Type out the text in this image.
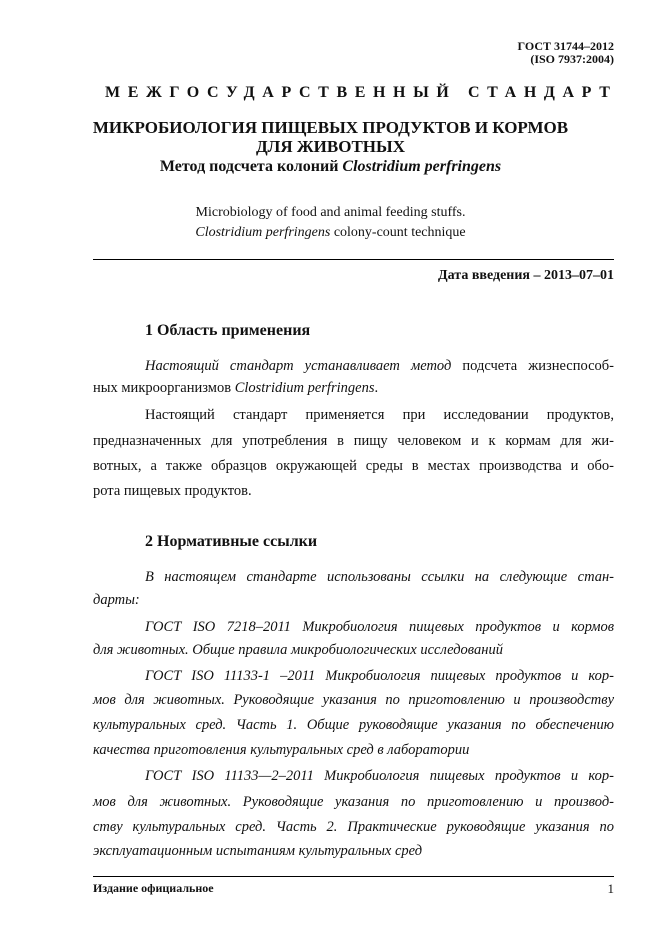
ГОСТ 31744–2012
(ISO 7937:2004)
МЕЖГОСУДАРСТВЕННЫЙ СТАНДАРТ
МИКРОБИОЛОГИЯ ПИЩЕВЫХ ПРОДУКТОВ И КОРМОВ
ДЛЯ ЖИВОТНЫХ
Метод подсчета колоний Clostridium perfringens
Microbiology of food and animal feeding stuffs.
Clostridium perfringens colony-count technique
Дата введения – 2013–07–01
1 Область применения
Настоящий стандарт устанавливает метод подсчета жизнеспособ-
ных микроорганизмов Clostridium perfringens.
Настоящий стандарт применяется при исследовании продуктов,
предназначенных для употребления в пищу человеком и к кормам для жи-
вотных, а также образцов окружающей среды в местах производства и обо-
рота пищевых продуктов.
2 Нормативные ссылки
В настоящем стандарте использованы ссылки на следующие стан-
дарты:
ГОСТ ISO 7218–2011 Микробиология пищевых продуктов и кормов
для животных. Общие правила микробиологических исследований
ГОСТ ISO 11133-1 –2011 Микробиология пищевых продуктов и кор-
мов для животных. Руководящие указания по приготовлению и производству
культуральных сред. Часть 1. Общие руководящие указания по обеспечению
качества приготовления культуральных сред в лаборатории
ГОСТ ISO 11133—2–2011 Микробиология пищевых продуктов и кор-
мов для животных. Руководящие указания по приготовлению и производ-
ству культуральных сред. Часть 2. Практические руководящие указания по
эксплуатационным испытаниям культуральных сред
Издание официальное	1
